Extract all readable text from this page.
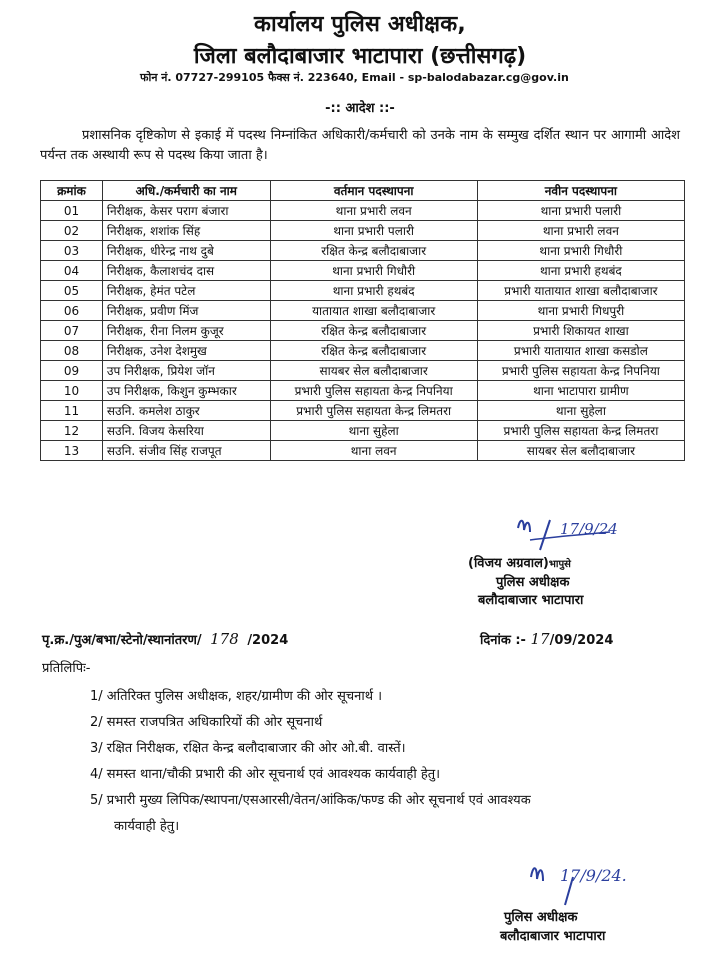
कार्यालय पुलिस अधीक्षक,
जिला बलौदाबाजार भाटापारा (छत्तीसगढ़)
फोन नं. 07727-299105 फैक्स नं. 223640, Email - sp-balodabazar.cg@gov.in
-:: आदेश ::-
प्रशासनिक दृष्टिकोण से इकाई में पदस्थ निम्नांकित अधिकारी/कर्मचारी को उनके नाम के सम्मुख दर्शित स्थान पर आगामी आदेश पर्यन्त तक अस्थायी रूप से पदस्थ किया जाता है।
क्रमांक	अधि./कर्मचारी का नाम	वर्तमान पदस्थापना	नवीन पदस्थापना
01	निरीक्षक, केसर पराग बंजारा	थाना प्रभारी लवन	थाना प्रभारी पलारी
02	निरीक्षक, शशांक सिंह	थाना प्रभारी पलारी	थाना प्रभारी लवन
03	निरीक्षक, धीरेन्द्र नाथ दुबे	रक्षित केन्द्र बलौदाबाजार	थाना प्रभारी गिधौरी
04	निरीक्षक, कैलाशचंद दास	थाना प्रभारी गिधौरी	थाना प्रभारी हथबंद
05	निरीक्षक, हेमंत पटेल	थाना प्रभारी हथबंद	प्रभारी यातायात शाखा बलौदाबाजार
06	निरीक्षक, प्रवीण मिंज	यातायात शाखा बलौदाबाजार	थाना प्रभारी गिधपुरी
07	निरीक्षक, रीना निलम कुजूर	रक्षित केन्द्र बलौदाबाजार	प्रभारी शिकायत शाखा
08	निरीक्षक, उनेश देशमुख	रक्षित केन्द्र बलौदाबाजार	प्रभारी यातायात शाखा कसडोल
09	उप निरीक्षक, प्रियेश जॉन	सायबर सेल बलौदाबाजार	प्रभारी पुलिस सहायता केन्द्र निपनिया
10	उप निरीक्षक, किशुन कुम्भकार	प्रभारी पुलिस सहायता केन्द्र निपनिया	थाना भाटापारा ग्रामीण
11	सउनि. कमलेश ठाकुर	प्रभारी पुलिस सहायता केन्द्र लिमतरा	थाना सुहेला
12	सउनि. विजय केसरिया	थाना सुहेला	प्रभारी पुलिस सहायता केन्द्र लिमतरा
13	सउनि. संजीव सिंह राजपूत	थाना लवन	सायबर सेल बलौदाबाजार
17/9/24
(विजय अग्रवाल)भापुसे
पुलिस अधीक्षक
बलौदाबाजार भाटापारा
पृ.क्र./पुअ/बभा/स्टेनो/स्थानांतरण/ 178 /2024	दिनांक :- 17/09/2024
प्रतिलिपिः-
1/ अतिरिक्त पुलिस अधीक्षक, शहर/ग्रामीण की ओर सूचनार्थ ।
2/ समस्त राजपत्रित अधिकारियों की ओर सूचनार्थ
3/ रक्षित निरीक्षक, रक्षित केन्द्र बलौदाबाजार की ओर ओ.बी. वास्तें।
4/ समस्त थाना/चौकी प्रभारी की ओर सूचनार्थ एवं आवश्यक कार्यवाही हेतु।
5/ प्रभारी मुख्य लिपिक/स्थापना/एसआरसी/वेतन/आंकिक/फण्ड की ओर सूचनार्थ एवं आवश्यक
कार्यवाही हेतु।
17/9/24.
पुलिस अधीक्षक
बलौदाबाजार भाटापारा
